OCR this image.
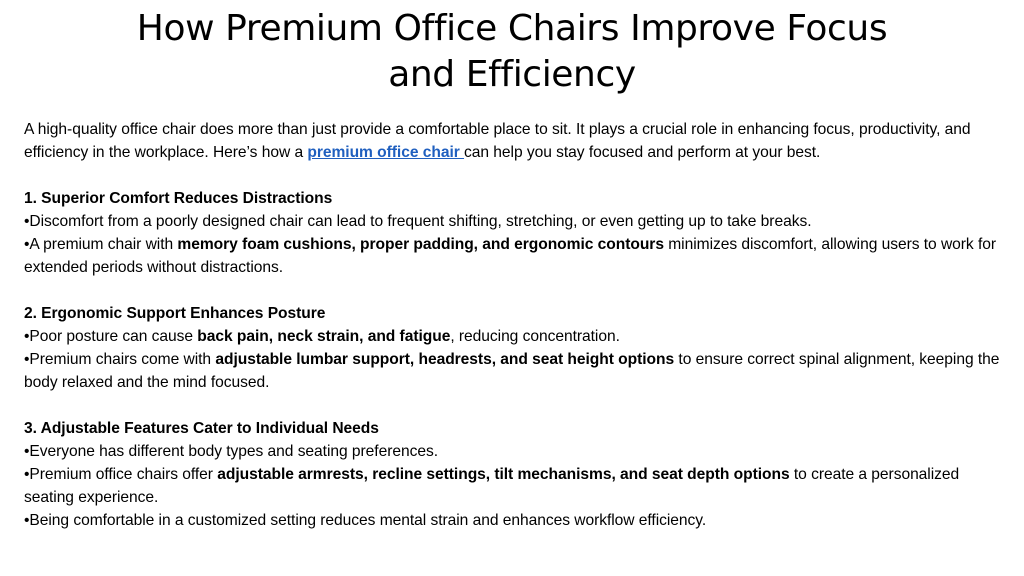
How Premium Office Chairs Improve Focus
and Efficiency

A high-quality office chair does more than just provide a comfortable place to sit. It plays a crucial role in enhancing focus, productivity, and efficiency in the workplace. Here’s how a premium office chair can help you stay focused and perform at your best.

1. Superior Comfort Reduces Distractions

•Discomfort from a poorly designed chair can lead to frequent shifting, stretching, or even getting up to take breaks.

•A premium chair with memory foam cushions, proper padding, and ergonomic contours minimizes discomfort, allowing users to work for extended periods without distractions.

2. Ergonomic Support Enhances Posture

•Poor posture can cause back pain, neck strain, and fatigue, reducing concentration.

•Premium chairs come with adjustable lumbar support, headrests, and seat height options to ensure correct spinal alignment, keeping the body relaxed and the mind focused.

3. Adjustable Features Cater to Individual Needs

•Everyone has different body types and seating preferences.

•Premium office chairs offer adjustable armrests, recline settings, tilt mechanisms, and seat depth options to create a personalized seating experience.

•Being comfortable in a customized setting reduces mental strain and enhances workflow efficiency.
